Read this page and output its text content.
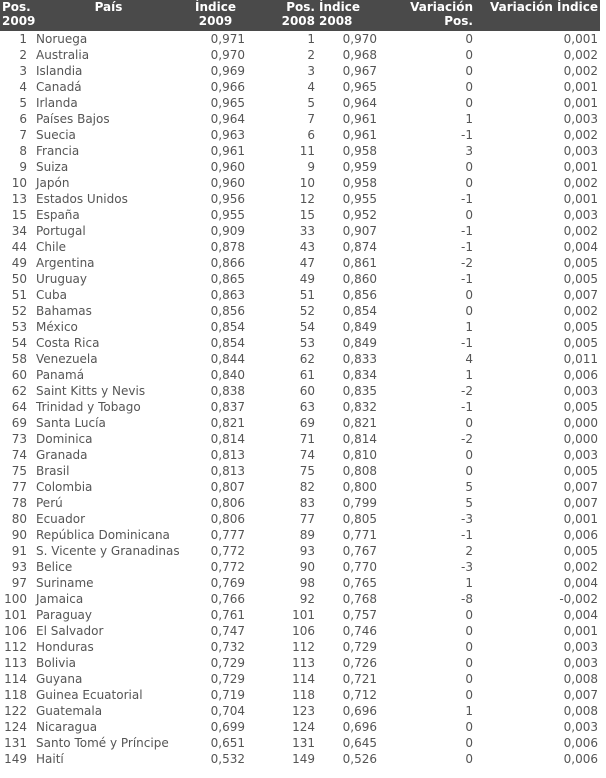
Pos. 2009	País	Índice 2009	Pos. 2008	Índice 2008	Variación Pos.	Variación Índice
1	Noruega	0,971	1	0,970	0	0,001
2	Australia	0,970	2	0,968	0	0,002
3	Islandia	0,969	3	0,967	0	0,002
4	Canadá	0,966	4	0,965	0	0,001
5	Irlanda	0,965	5	0,964	0	0,001
6	Países Bajos	0,964	7	0,961	1	0,003
7	Suecia	0,963	6	0,961	-1	0,002
8	Francia	0,961	11	0,958	3	0,003
9	Suiza	0,960	9	0,959	0	0,001
10	Japón	0,960	10	0,958	0	0,002
13	Estados Unidos	0,956	12	0,955	-1	0,001
15	España	0,955	15	0,952	0	0,003
34	Portugal	0,909	33	0,907	-1	0,002
44	Chile	0,878	43	0,874	-1	0,004
49	Argentina	0,866	47	0,861	-2	0,005
50	Uruguay	0,865	49	0,860	-1	0,005
51	Cuba	0,863	51	0,856	0	0,007
52	Bahamas	0,856	52	0,854	0	0,002
53	México	0,854	54	0,849	1	0,005
54	Costa Rica	0,854	53	0,849	-1	0,005
58	Venezuela	0,844	62	0,833	4	0,011
60	Panamá	0,840	61	0,834	1	0,006
62	Saint Kitts y Nevis	0,838	60	0,835	-2	0,003
64	Trinidad y Tobago	0,837	63	0,832	-1	0,005
69	Santa Lucía	0,821	69	0,821	0	0,000
73	Dominica	0,814	71	0,814	-2	0,000
74	Granada	0,813	74	0,810	0	0,003
75	Brasil	0,813	75	0,808	0	0,005
77	Colombia	0,807	82	0,800	5	0,007
78	Perú	0,806	83	0,799	5	0,007
80	Ecuador	0,806	77	0,805	-3	0,001
90	República Dominicana	0,777	89	0,771	-1	0,006
91	S. Vicente y Granadinas	0,772	93	0,767	2	0,005
93	Belice	0,772	90	0,770	-3	0,002
97	Suriname	0,769	98	0,765	1	0,004
100	Jamaica	0,766	92	0,768	-8	-0,002
101	Paraguay	0,761	101	0,757	0	0,004
106	El Salvador	0,747	106	0,746	0	0,001
112	Honduras	0,732	112	0,729	0	0,003
113	Bolivia	0,729	113	0,726	0	0,003
114	Guyana	0,729	114	0,721	0	0,008
118	Guinea Ecuatorial	0,719	118	0,712	0	0,007
122	Guatemala	0,704	123	0,696	1	0,008
124	Nicaragua	0,699	124	0,696	0	0,003
131	Santo Tomé y Príncipe	0,651	131	0,645	0	0,006
149	Haití	0,532	149	0,526	0	0,006
